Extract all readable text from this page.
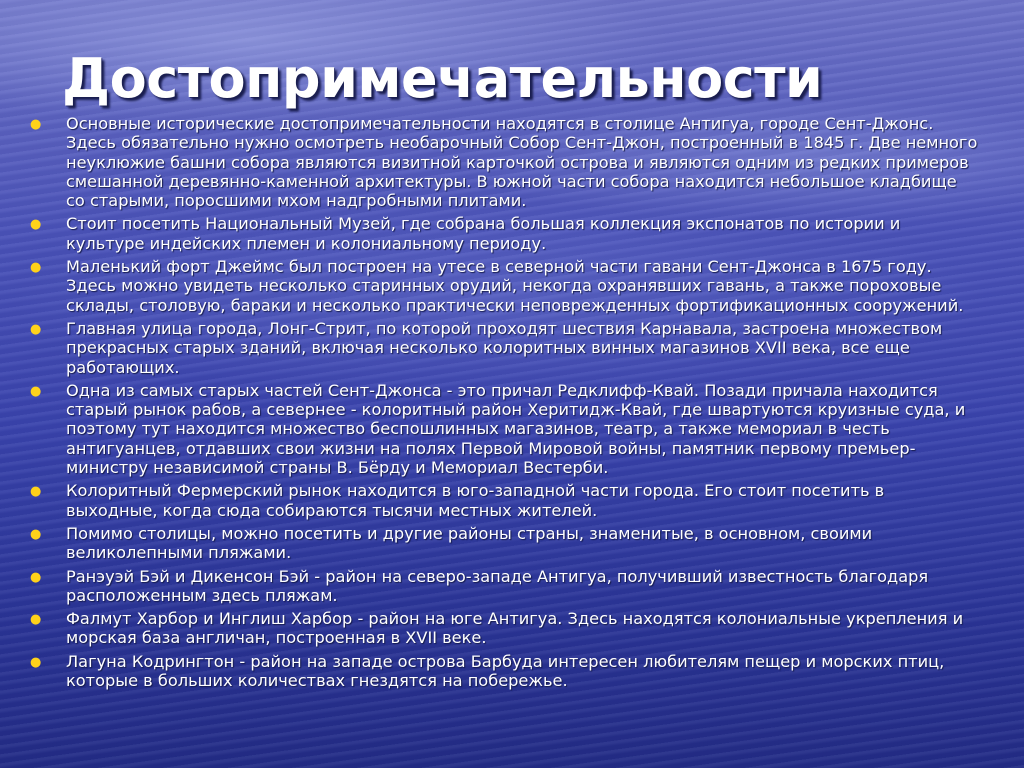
Достопримечательности
● Основные исторические достопримечательности находятся в столице Антигуа, городе Сент-Джонс. Здесь обязательно нужно осмотреть необарочный Собор Сент-Джон, построенный в 1845 г. Две немного неуклюжие башни собора являются визитной карточкой острова и являются одним из редких примеров смешанной деревянно-каменной архитектуры. В южной части собора находится небольшое кладбище со старыми, поросшими мхом надгробными плитами.
● Стоит посетить Национальный Музей, где собрана большая коллекция экспонатов по истории и культуре индейских племен и колониальному периоду.
● Маленький форт Джеймс был построен на утесе в северной части гавани Сент-Джонса в 1675 году. Здесь можно увидеть несколько старинных орудий, некогда охранявших гавань, а также пороховые склады, столовую, бараки и несколько практически неповрежденных фортификационных сооружений.
● Главная улица города, Лонг-Стрит, по которой проходят шествия Карнавала, застроена множеством прекрасных старых зданий, включая несколько колоритных винных магазинов XVII века, все еще работающих.
● Одна из самых старых частей Сент-Джонса - это причал Редклифф-Квай. Позади причала находится старый рынок рабов, а севернее - колоритный район Херитидж-Квай, где швартуются круизные суда, и поэтому тут находится множество беспошлинных магазинов, театр, а также мемориал в честь антигуанцев, отдавших свои жизни на полях Первой Мировой войны, памятник первому премьер-министру независимой страны В. Бёрду и Мемориал Вестерби.
● Колоритный Фермерский рынок находится в юго-западной части города. Его стоит посетить в выходные, когда сюда собираются тысячи местных жителей.
● Помимо столицы, можно посетить и другие районы страны, знаменитые, в основном, своими великолепными пляжами.
● Ранэуэй Бэй и Дикенсон Бэй - район на северо-западе Антигуа, получивший известность благодаря расположенным здесь пляжам.
● Фалмут Харбор и Инглиш Харбор - район на юге Антигуа. Здесь находятся колониальные укрепления и морская база англичан, построенная в XVII веке.
● Лагуна Кодрингтон - район на западе острова Барбуда интересен любителям пещер и морских птиц, которые в больших количествах гнездятся на побережье.
